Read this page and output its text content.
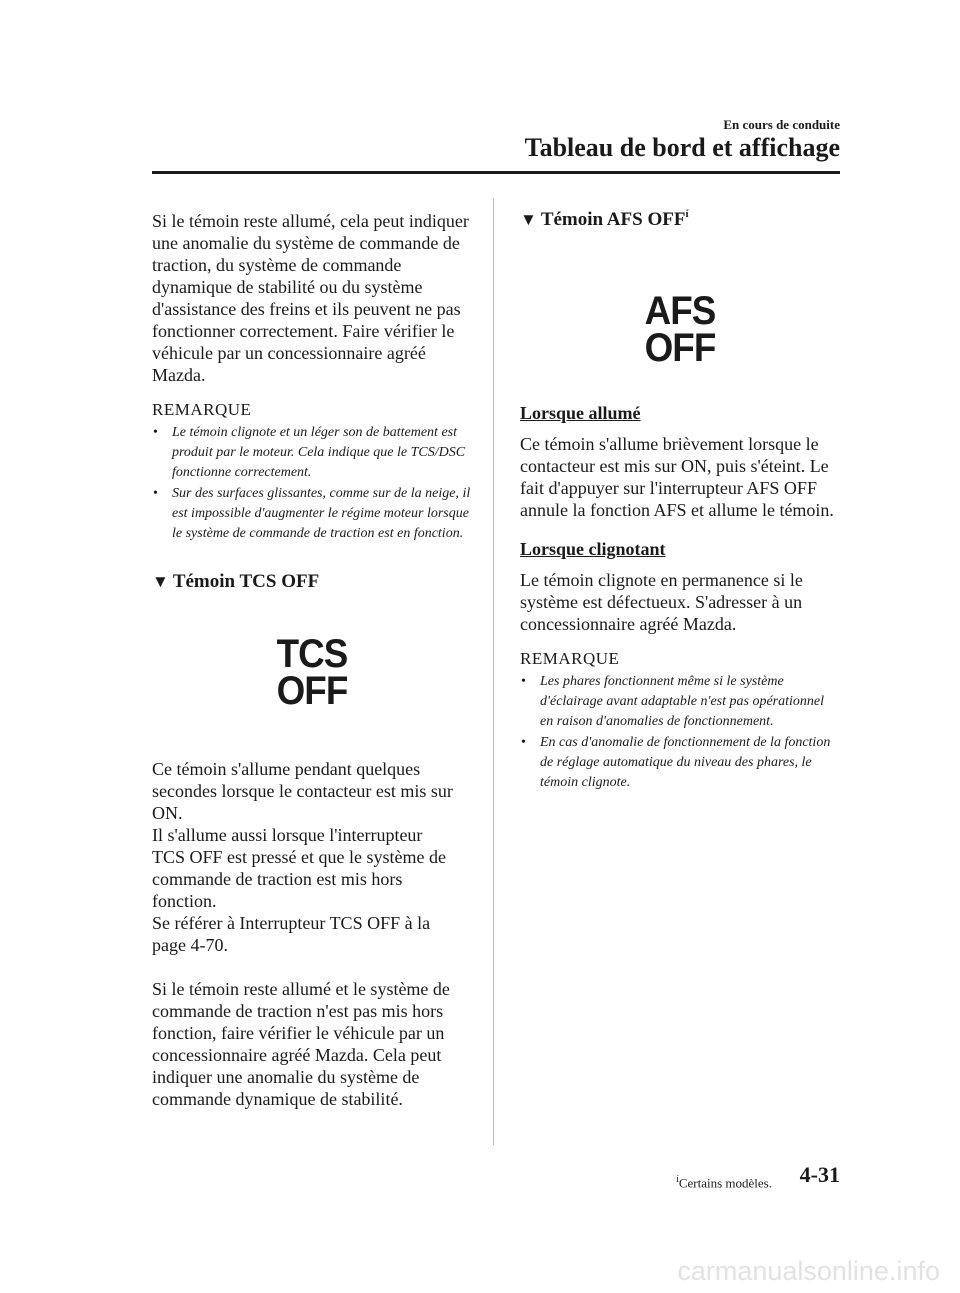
En cours de conduite
Tableau de bord et affichage

Si le témoin reste allumé, cela peut indiquer une anomalie du système de commande de traction, du système de commande dynamique de stabilité ou du système d'assistance des freins et ils peuvent ne pas fonctionner correctement. Faire vérifier le véhicule par un concessionnaire agréé Mazda.

REMARQUE

• Le témoin clignote et un léger son de battement est produit par le moteur. Cela indique que le TCS/DSC fonctionne correctement.
• Sur des surfaces glissantes, comme sur de la neige, il est impossible d'augmenter le régime moteur lorsque le système de commande de traction est en fonction.

▼ Témoin TCS OFF

TCS
OFF
Ce témoin s'allume pendant quelques
secondes lorsque le contacteur est mis sur
ON.
Il s'allume aussi lorsque l'interrupteur
TCS OFF est pressé et que le système de
commande de traction est mis hors
fonction.
Se référer à Interrupteur TCS OFF à la
page 4-70.

Si le témoin reste allumé et le système de commande de traction n'est pas mis hors fonction, faire vérifier le véhicule par un concessionnaire agréé Mazda. Cela peut indiquer une anomalie du système de commande dynamique de stabilité.

▼ Témoin AFS $OFF^í$

AFS
OFF

Lorsque allumé

Ce témoin s'allume brièvement lorsque le contacteur est mis sur ON, puis s'éteint. Le fait d'appuyer sur l'interrupteur AFS OFF annule la fonction AFS et allume le témoin.

Lorsque clignotant

Le témoin clignote en permanence si le système est défectueux. S'adresser à un concessionnaire agréé Mazda.

REMARQUE

• Les phares fonctionnent même si le système d'éclairage avant adaptable n'est pas opérationnel en raison d'anomalies de fonctionnement.
• En cas d'anomalie de fonctionnement de la fonction de réglage automatique du niveau des phares, le témoin clignote.
$^í$Certains modèles. 4-31
carmanualsonline.info
